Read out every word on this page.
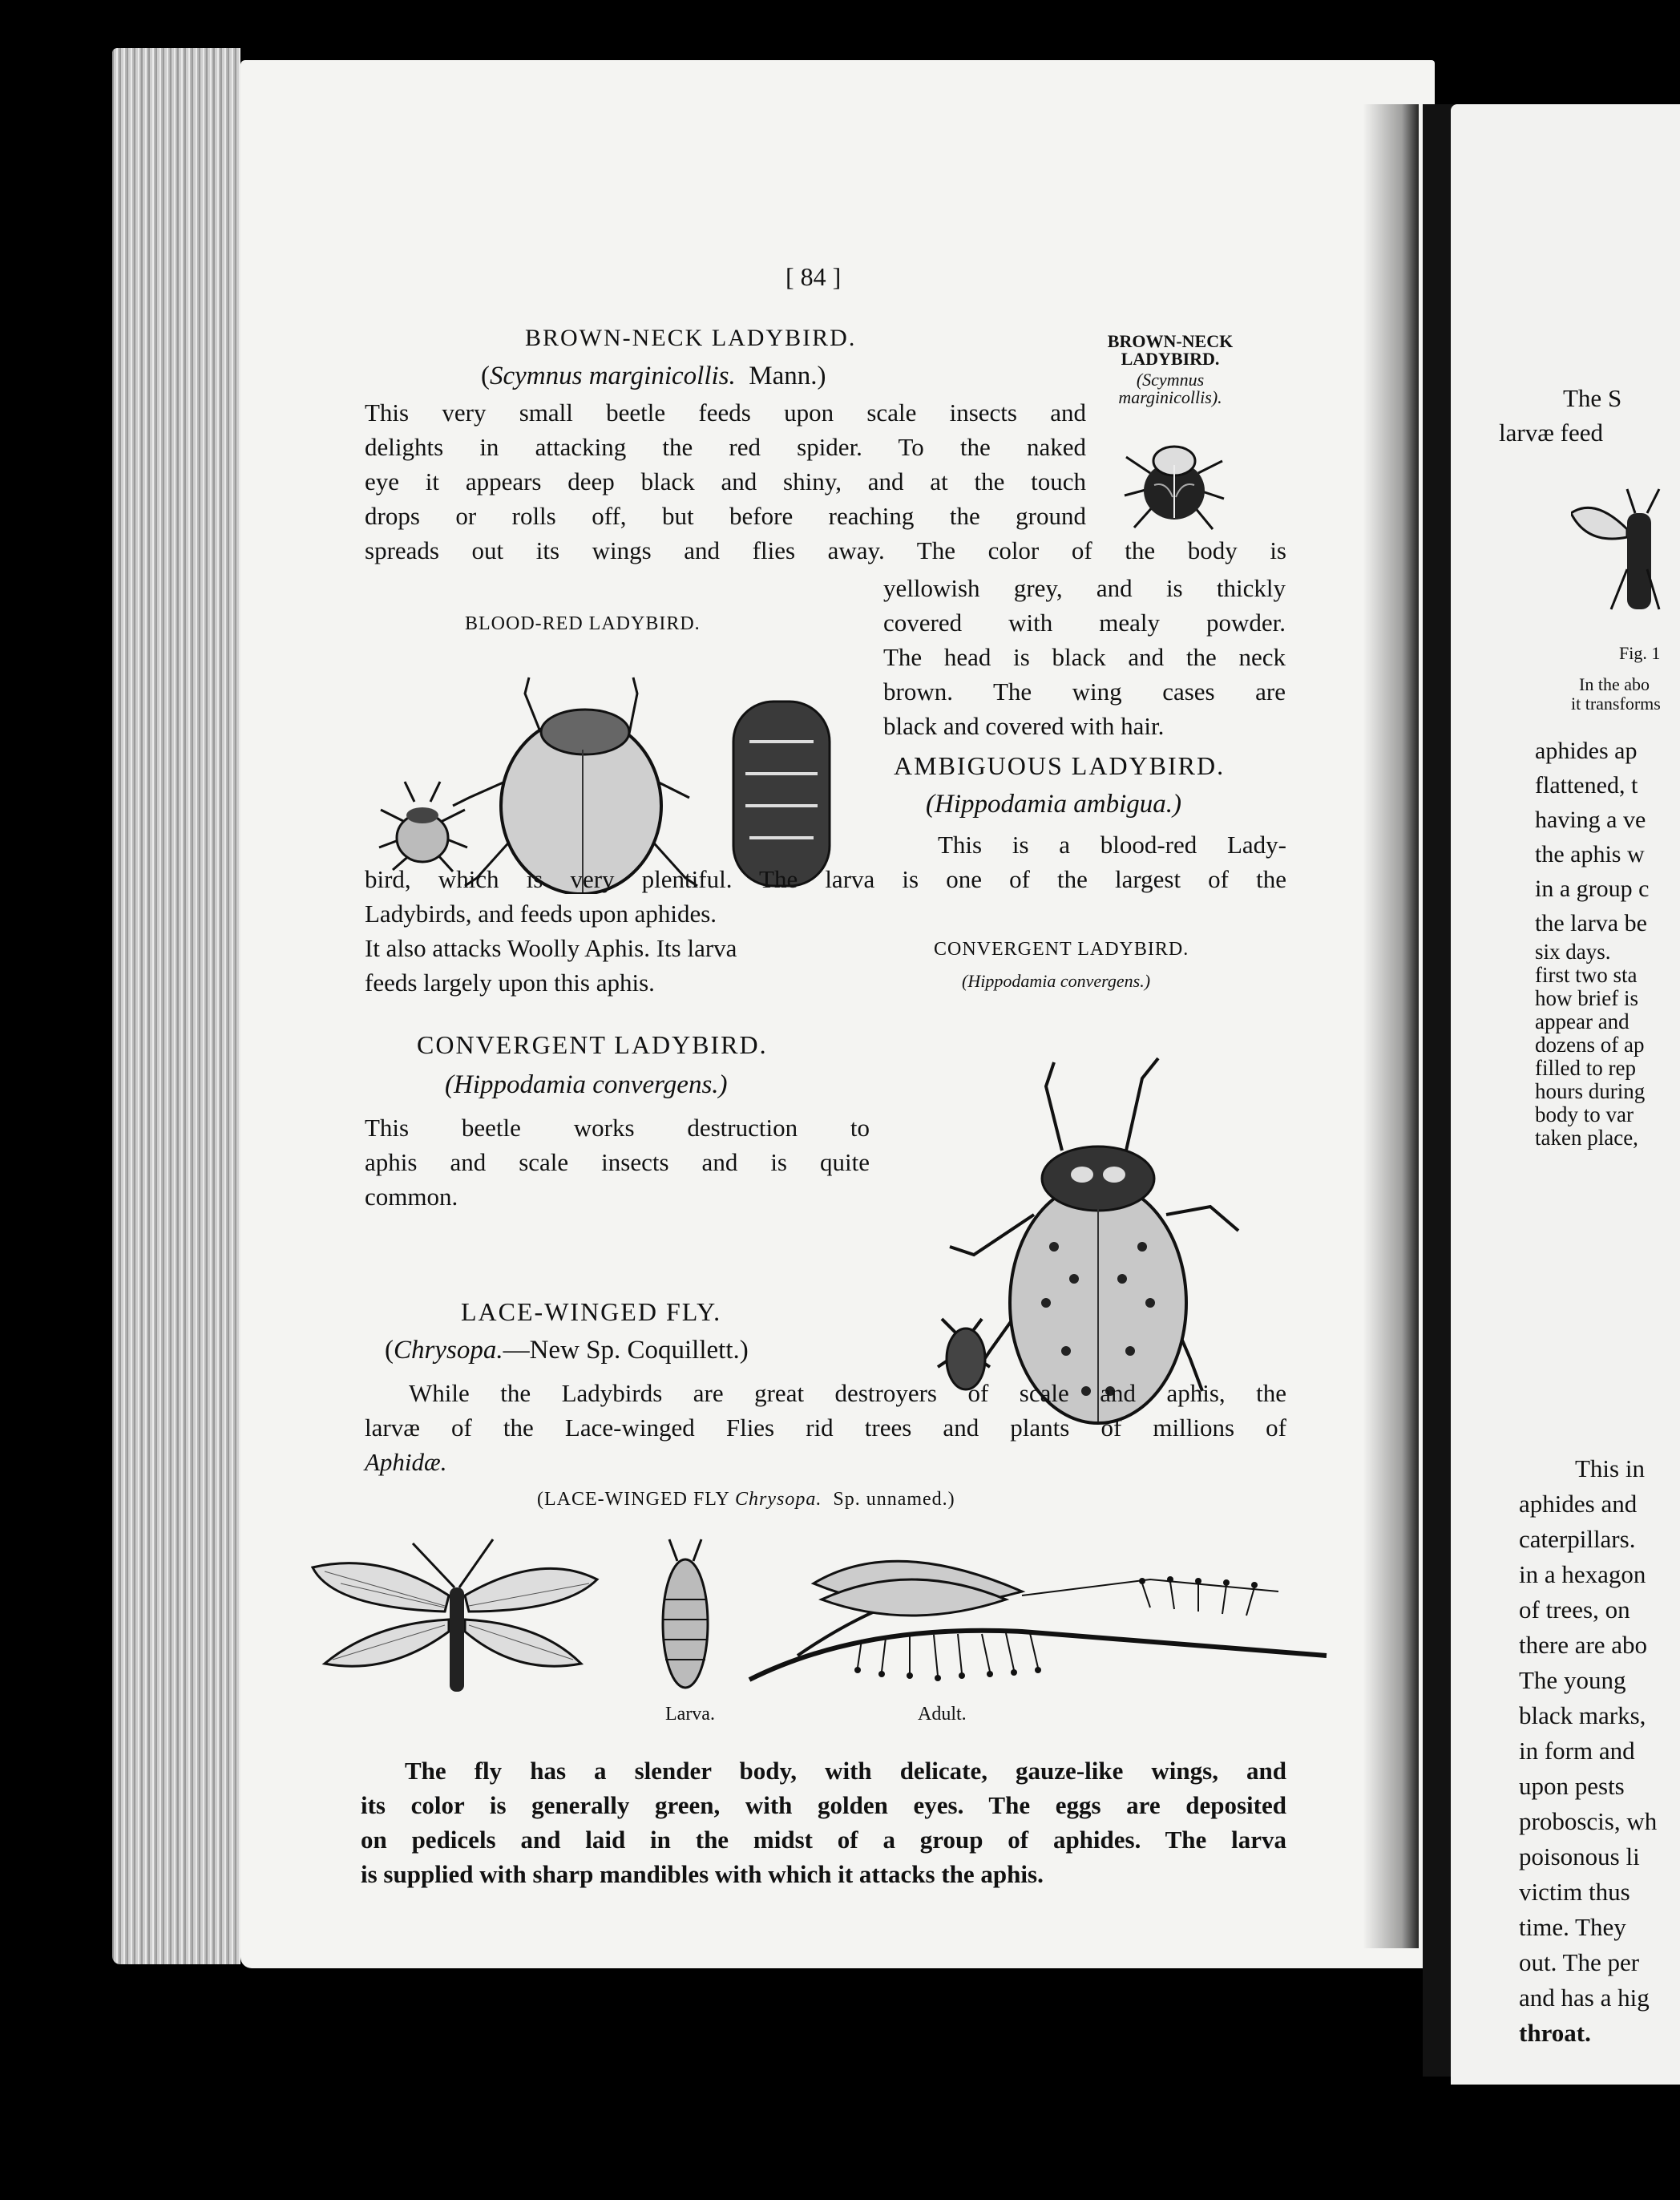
[ 84 ]
BROWN-NECK LADYBIRD.
(Scymnus marginicollis. Mann.)
BROWN-NECK
LADYBIRD.
(Scymnus
marginicollis).
This very small beetle feeds upon scale insects and
delights in attacking the red spider. To the naked
eye it appears deep black and shiny, and at the touch
drops or rolls off, but before reaching the ground
spreads out its wings and flies away. The color of the body is
yellowish grey, and is thickly
covered with mealy powder.
The head is black and the neck
brown. The wing cases are
black and covered with hair.
BLOOD-RED LADYBIRD.
AMBIGUOUS LADYBIRD.
(Hippodamia ambigua.)
This is a blood-red Lady-
bird, which is very plentiful. The larva is one of the largest of the
Ladybirds, and feeds upon aphides.
It also attacks Woolly Aphis. Its larva
feeds largely upon this aphis.
CONVERGENT LADYBIRD.
(Hippodamia convergens.)
CONVERGENT LADYBIRD.
(Hippodamia convergens.)
This beetle works destruction to
aphis and scale insects and is quite
common.
LACE-WINGED FLY.
(Chrysopa.—New Sp. Coquillett.)
While the Ladybirds are great destroyers of scale and aphis, the
larvæ of the Lace-winged Flies rid trees and plants of millions of
Aphidæ.
(LACE-WINGED FLY Chrysopa. Sp. unnamed.)
Larva.	Adult.
The fly has a slender body, with delicate, gauze-like wings, and
its color is generally green, with golden eyes. The eggs are deposited
on pedicels and laid in the midst of a group of aphides. The larva
is supplied with sharp mandibles with which it attacks the aphis.
The S
larvæ feed
Fig. 1
In the abo
it transforms
aphides ap
flattened, t
having a ve
the aphis w
in a group c
the larva be
six days.
first two sta
how brief is
appear and
dozens of ap
filled to rep
hours during
body to var
taken place,
This in
aphides and
caterpillars.
in a hexagon
of trees, on
there are abo
The young
black marks,
in form and
upon pests
proboscis, wh
poisonous li
victim thus
time. They
out. The per
and has a hig
throat.
